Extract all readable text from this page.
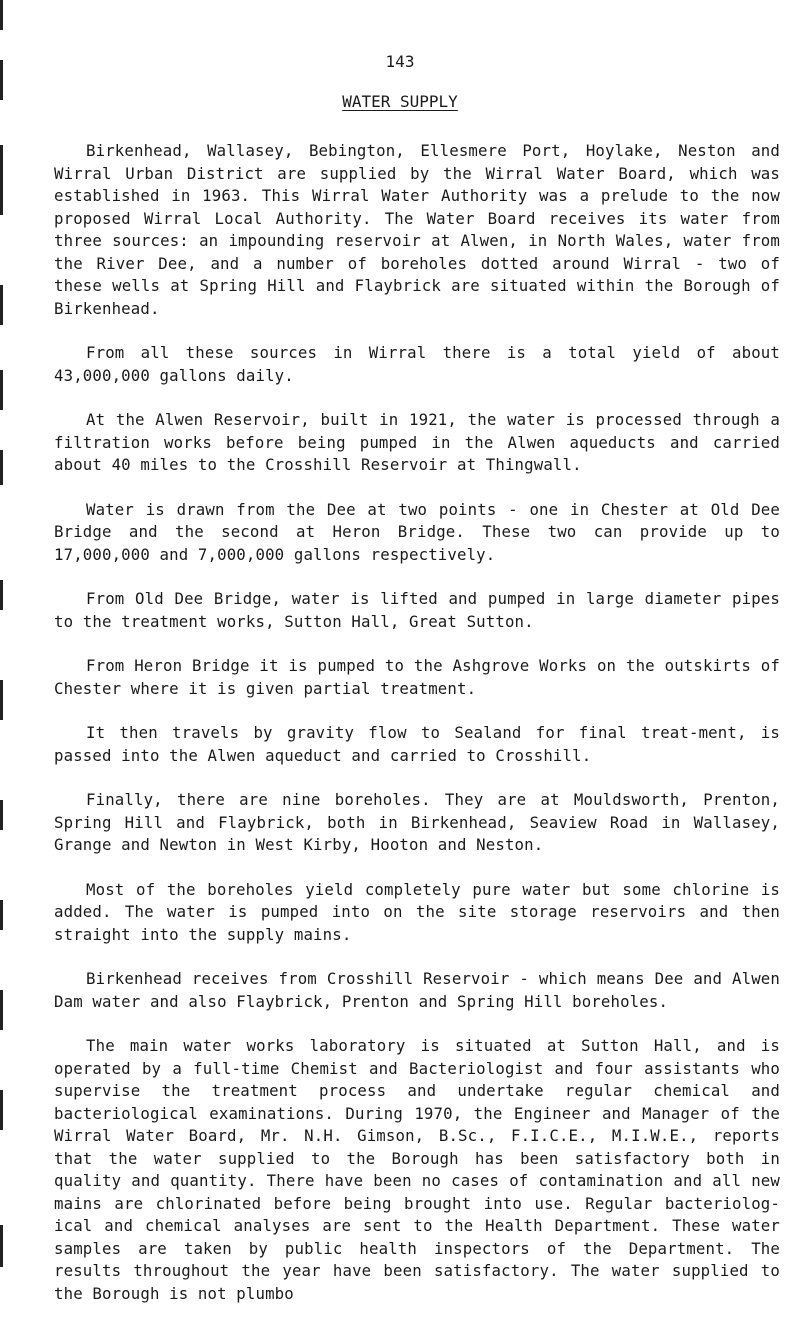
143
WATER SUPPLY

Birkenhead, Wallasey, Bebington, Ellesmere Port, Hoylake, Neston and Wirral Urban District are supplied by the Wirral Water Board, which was established in 1963. This Wirral Water Authority was a prelude to the now proposed Wirral Local Authority. The Water Board receives its water from three sources: an impounding reservoir at Alwen, in North Wales, water from the River Dee, and a number of boreholes dotted around Wirral - two of these wells at Spring Hill and Flaybrick are situated within the Borough of Birkenhead.

From all these sources in Wirral there is a total yield of about 43,000,000 gallons daily.

At the Alwen Reservoir, built in 1921, the water is processed through a filtration works before being pumped in the Alwen aqueducts and carried about 40 miles to the Crosshill Reservoir at Thingwall.

Water is drawn from the Dee at two points - one in Chester at Old Dee Bridge and the second at Heron Bridge. These two can provide up to 17,000,000 and 7,000,000 gallons respectively.

From Old Dee Bridge, water is lifted and pumped in large diameter pipes to the treatment works, Sutton Hall, Great Sutton.

From Heron Bridge it is pumped to the Ashgrove Works on the outskirts of Chester where it is given partial treatment.

It then travels by gravity flow to Sealand for final treat-ment, is passed into the Alwen aqueduct and carried to Crosshill.

Finally, there are nine boreholes. They are at Mouldsworth, Prenton, Spring Hill and Flaybrick, both in Birkenhead, Seaview Road in Wallasey, Grange and Newton in West Kirby, Hooton and Neston.

Most of the boreholes yield completely pure water but some chlorine is added. The water is pumped into on the site storage reservoirs and then straight into the supply mains.

Birkenhead receives from Crosshill Reservoir - which means Dee and Alwen Dam water and also Flaybrick, Prenton and Spring Hill boreholes.

The main water works laboratory is situated at Sutton Hall, and is operated by a full-time Chemist and Bacteriologist and four assistants who supervise the treatment process and undertake regular chemical and bacteriological examinations. During 1970, the Engineer and Manager of the Wirral Water Board, Mr. N.H. Gimson, B.Sc., F.I.C.E., M.I.W.E., reports that the water supplied to the Borough has been satisfactory both in quality and quantity. There have been no cases of contamination and all new mains are chlorinated before being brought into use. Regular bacteriolog-ical and chemical analyses are sent to the Health Department. These water samples are taken by public health inspectors of the Department. The results throughout the year have been satisfactory. The water supplied to the Borough is not plumbo
